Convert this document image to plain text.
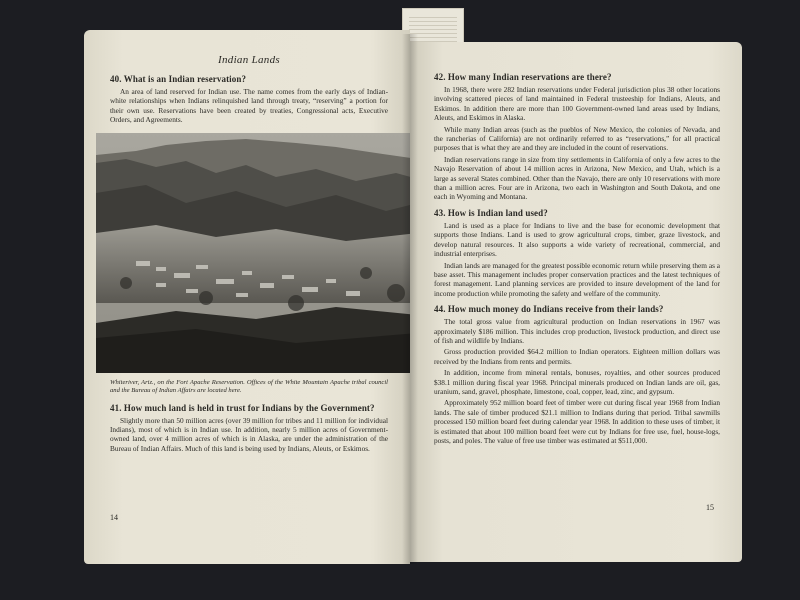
Indian Lands
40. What is an Indian reservation?

An area of land reserved for Indian use. The name comes from the early days of Indian-white relationships when Indians relinquished land through treaty, “reserving” a portion for their own use. Reservations have been created by treaties, Congressional acts, Executive Orders, and Agreements.

Whiteriver, Ariz., on the Fort Apache Reservation. Offices of the White Mountain Apache tribal council and the Bureau of Indian Affairs are located here.

41. How much land is held in trust for Indians by the Government?

Slightly more than 50 million acres (over 39 million for tribes and 11 million for individual Indians), most of which is in Indian use. In addition, nearly 5 million acres of Government-owned land, over 4 million acres of which is in Alaska, are under the administration of the Bureau of Indian Affairs. Much of this land is being used by Indians, Aleuts, or Eskimos.

14
42. How many Indian reservations are there?

In 1968, there were 282 Indian reservations under Federal jurisdiction plus 38 other locations involving scattered pieces of land maintained in Federal trusteeship for Indians, Aleuts, and Eskimos. In addition there are more than 100 Government-owned land areas used by Indians, Aleuts, and Eskimos in Alaska.

While many Indian areas (such as the pueblos of New Mexico, the colonies of Nevada, and the rancherias of California) are not ordinarily referred to as “reservations,” for all practical purposes that is what they are and they are included in the count of reservations.

Indian reservations range in size from tiny settlements in California of only a few acres to the Navajo Reservation of about 14 million acres in Arizona, New Mexico, and Utah, which is a large as several States combined. Other than the Navajo, there are only 10 reservations with more than a million acres. Four are in Arizona, two each in Washington and South Dakota, and one each in Wyoming and Montana.

43. How is Indian land used?

Land is used as a place for Indians to live and the base for economic development that supports those Indians. Land is used to grow agricultural crops, timber, graze livestock, and develop natural resources. It also supports a wide variety of recreational, commercial, and industrial enterprises.

Indian lands are managed for the greatest possible economic return while preserving them as a base asset. This management includes proper conservation practices and the latest techniques of forest management. Land planning services are provided to insure development of the land for income production while promoting the safety and welfare of the community.

44. How much money do Indians receive from their lands?

The total gross value from agricultural production on Indian reservations in 1967 was approximately $186 million. This includes crop production, livestock production, and direct use of fish and wildlife by Indians.

Gross production provided $64.2 million to Indian operators. Eighteen million dollars was received by the Indians from rents and permits.

In addition, income from mineral rentals, bonuses, royalties, and other sources produced $38.1 million during fiscal year 1968. Principal minerals produced on Indian lands are oil, gas, uranium, sand, gravel, phosphate, limestone, coal, copper, lead, zinc, and gypsum.

Approximately 952 million board feet of timber were cut during fiscal year 1968 from Indian lands. The sale of timber produced $21.1 million to Indians during that period. Tribal sawmills processed 150 million board feet during calendar year 1968. In addition to these uses of timber, it is estimated that about 100 million board feet were cut by Indians for free use, fuel, house-logs, posts, and poles. The value of free use timber was estimated at $511,000.

15
